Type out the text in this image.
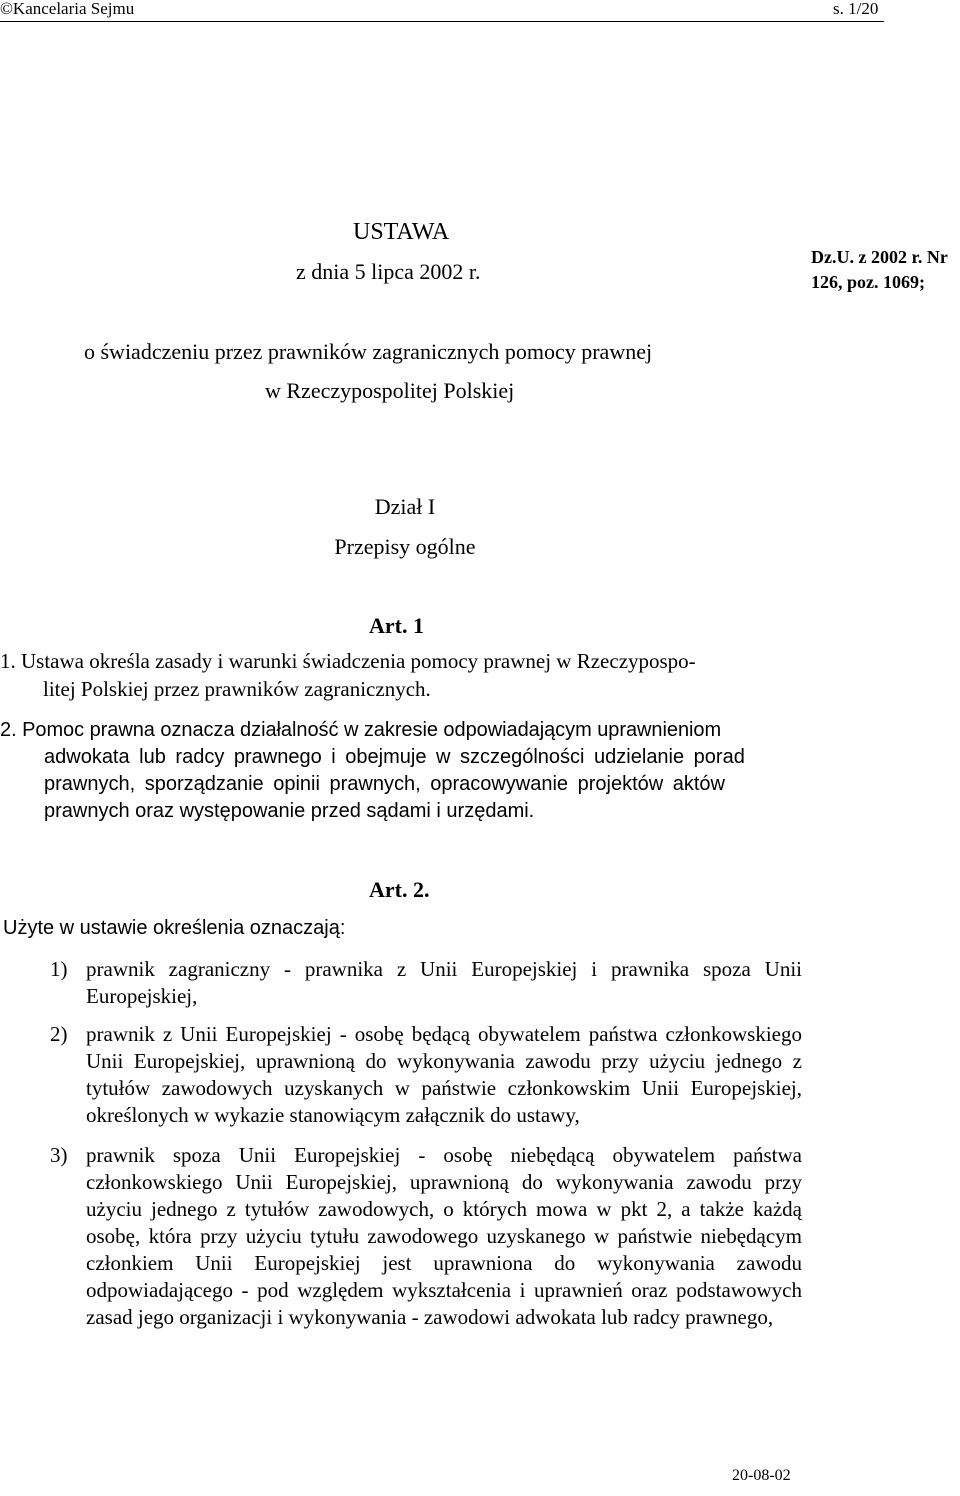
©Kancelaria Sejmu	s. 1/20
USTAWA
z dnia 5 lipca 2002 r.
Dz.U. z 2002 r. Nr
126, poz. 1069;
o świadczeniu przez prawników zagranicznych pomocy prawnej
w Rzeczypospolitej Polskiej
Dział I
Przepisy ogólne
Art. 1
1. Ustawa określa zasady i warunki świadczenia pomocy prawnej w Rzeczypospo-
litej Polskiej przez prawników zagranicznych.
2. Pomoc prawna oznacza działalność w zakresie odpowiadającym uprawnieniom
adwokata lub radcy prawnego i obejmuje w szczególności udzielanie porad
prawnych, sporządzanie opinii prawnych, opracowywanie projektów aktów
prawnych oraz występowanie przed sądami i urzędami.
Art. 2.
Użyte w ustawie określenia oznaczają:
1) prawnik zagraniczny - prawnika z Unii Europejskiej i prawnika spoza Unii Europejskiej,
2) prawnik z Unii Europejskiej - osobę będącą obywatelem państwa członkowskiego Unii Europejskiej, uprawnioną do wykonywania zawodu przy użyciu jednego z tytułów zawodowych uzyskanych w państwie członkowskim Unii Europejskiej, określonych w wykazie stanowiącym załącznik do ustawy,
3) prawnik spoza Unii Europejskiej - osobę niebędącą obywatelem państwa członkowskiego Unii Europejskiej, uprawnioną do wykonywania zawodu przy użyciu jednego z tytułów zawodowych, o których mowa w pkt 2, a także każdą osobę, która przy użyciu tytułu zawodowego uzyskanego w państwie niebędącym członkiem Unii Europejskiej jest uprawniona do wykonywania zawodu odpowiadającego - pod względem wykształcenia i uprawnień oraz podstawowych zasad jego organizacji i wykonywania - zawodowi adwokata lub radcy prawnego,
20-08-02
